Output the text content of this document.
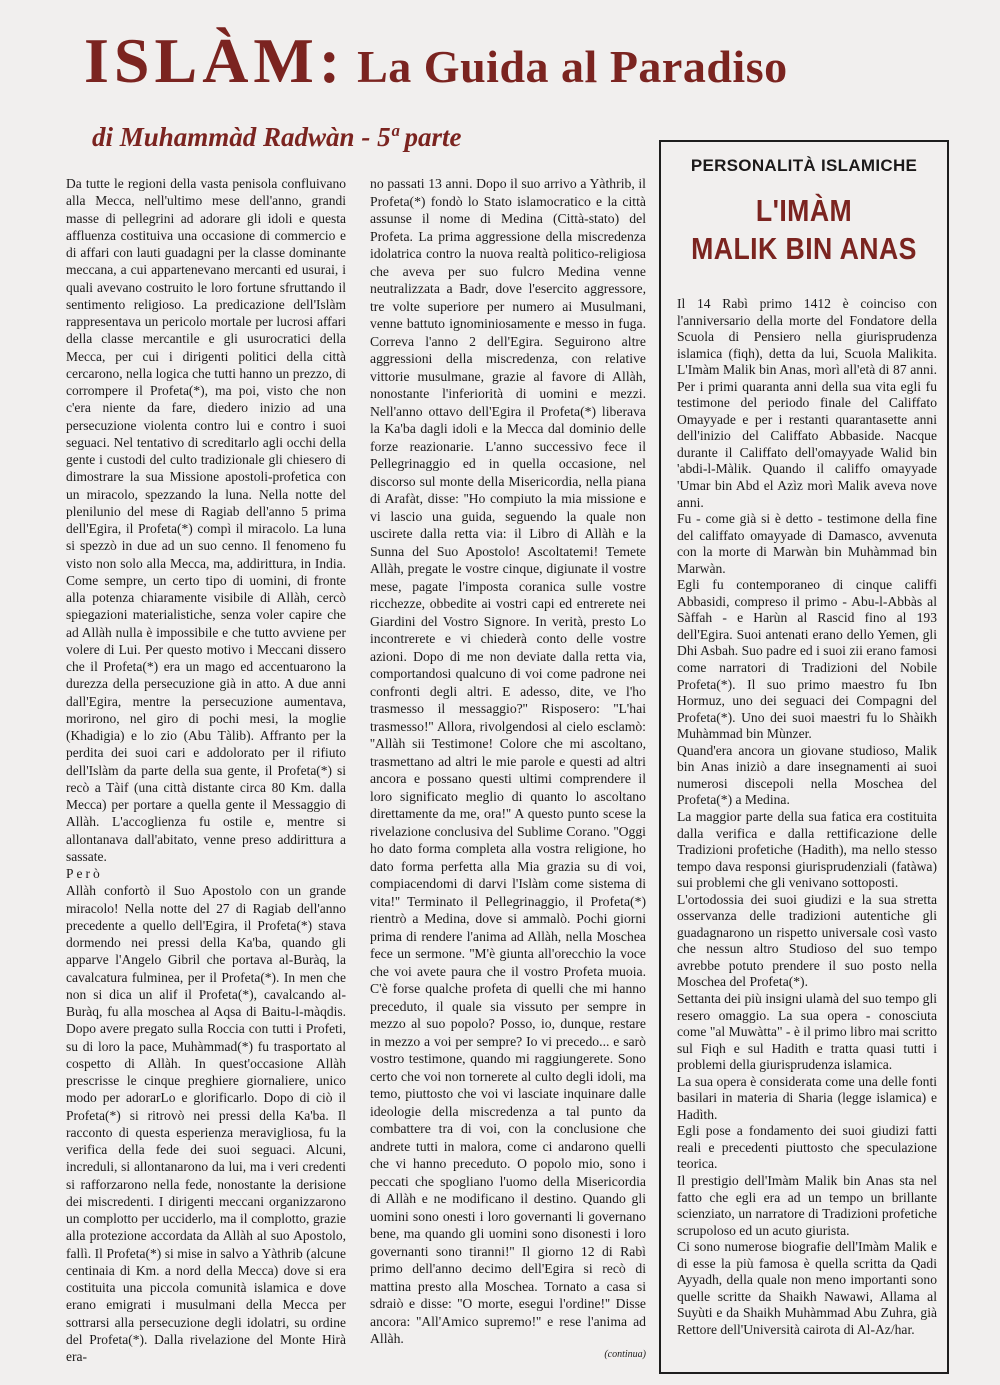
ISLÀM: La Guida al Paradiso
di Muhammàd Radwàn - 5ª parte

Da tutte le regioni della vasta penisola confluivano alla Mecca, nell'ultimo mese dell'anno, grandi masse di pellegrini ad adorare gli idoli e questa affluenza costituiva una occasione di commercio e di affari con lauti guadagni per la classe dominante meccana, a cui appartenevano mercanti ed usurai, i quali avevano costruito le loro fortune sfruttando il sentimento religioso. La predicazione dell'Islàm rappresentava un pericolo mortale per lucrosi affari della classe mercantile e gli usurocratici della Mecca, per cui i dirigenti politici della città cercarono, nella logica che tutti hanno un prezzo, di corrompere il Profeta(*), ma poi, visto che non c'era niente da fare, diedero inizio ad una persecuzione violenta contro lui e contro i suoi seguaci. Nel tentativo di screditarlo agli occhi della gente i custodi del culto tradizionale gli chiesero di dimostrare la sua Missione apostoli-profetica con un miracolo, spezzando la luna. Nella notte del plenilunio del mese di Ragiab dell'anno 5 prima dell'Egira, il Profeta(*) compì il miracolo. La luna si spezzò in due ad un suo cenno. Il fenomeno fu visto non solo alla Mecca, ma, addirittura, in India. Come sempre, un certo tipo di uomini, di fronte alla potenza chiaramente visibile di Allàh, cercò spiegazioni materialistiche, senza voler capire che ad Allàh nulla è impossibile e che tutto avviene per volere di Lui. Per questo motivo i Meccani dissero che il Profeta(*) era un mago ed accentuarono la durezza della persecuzione già in atto. A due anni dall'Egira, mentre la persecuzione aumentava, morirono, nel giro di pochi mesi, la moglie (Khadigia) e lo zio (Abu Tàlib). Affranto per la perdita dei suoi cari e addolorato per il rifiuto dell'Islàm da parte della sua gente, il Profeta(*) si recò a Tàif (una città distante circa 80 Km. dalla Mecca) per portare a quella gente il Messaggio di Allàh. L'accoglienza fu ostile e, mentre si allontanava dall'abitato, venne preso addirittura a sassate.

Però

Allàh confortò il Suo Apostolo con un grande miracolo! Nella notte del 27 di Ragiab dell'anno precedente a quello dell'Egira, il Profeta(*) stava dormendo nei pressi della Ka'ba, quando gli apparve l'Angelo Gibril che portava al-Buràq, la cavalcatura fulminea, per il Profeta(*). In men che non si dica un alif il Profeta(*), cavalcando al-Buràq, fu alla moschea al Aqsa di Baitu-l-màqdis. Dopo avere pregato sulla Roccia con tutti i Profeti, su di loro la pace, Muhàmmad(*) fu trasportato al cospetto di Allàh. In quest'occasione Allàh prescrisse le cinque preghiere giornaliere, unico modo per adorarLo e glorificarlo. Dopo di ciò il Profeta(*) si ritrovò nei pressi della Ka'ba. Il racconto di questa esperienza meravigliosa, fu la verifica della fede dei suoi seguaci. Alcuni, increduli, si allontanarono da lui, ma i veri credenti si rafforzarono nella fede, nonostante la derisione dei miscredenti. I dirigenti meccani organizzarono un complotto per ucciderlo, ma il complotto, grazie alla protezione accordata da Allàh al suo Apostolo, fallì. Il Profeta(*) si mise in salvo a Yàthrib (alcune centinaia di Km. a nord della Mecca) dove si era costituita una piccola comunità islamica e dove erano emigrati i musulmani della Mecca per sottrarsi alla persecuzione degli idolatri, su ordine del Profeta(*). Dalla rivelazione del Monte Hirà era-

no passati 13 anni. Dopo il suo arrivo a Yàthrib, il Profeta(*) fondò lo Stato islamocratico e la città assunse il nome di Medina (Città-stato) del Profeta. La prima aggressione della miscredenza idolatrica contro la nuova realtà politico-religiosa che aveva per suo fulcro Medina venne neutralizzata a Badr, dove l'esercito aggressore, tre volte superiore per numero ai Musulmani, venne battuto ignominiosamente e messo in fuga. Correva l'anno 2 dell'Egira. Seguirono altre aggressioni della miscredenza, con relative vittorie musulmane, grazie al favore di Allàh, nonostante l'inferiorità di uomini e mezzi. Nell'anno ottavo dell'Egira il Profeta(*) liberava la Ka'ba dagli idoli e la Mecca dal dominio delle forze reazionarie. L'anno successivo fece il Pellegrinaggio ed in quella occasione, nel discorso sul monte della Misericordia, nella piana di Arafàt, disse: ''Ho compiuto la mia missione e vi lascio una guida, seguendo la quale non uscirete dalla retta via: il Libro di Allàh e la Sunna del Suo Apostolo! Ascoltatemi! Temete Allàh, pregate le vostre cinque, digiunate il vostre mese, pagate l'imposta coranica sulle vostre ricchezze, obbedite ai vostri capi ed entrerete nei Giardini del Vostro Signore. In verità, presto Lo incontrerete e vi chiederà conto delle vostre azioni. Dopo di me non deviate dalla retta via, comportandosi qualcuno di voi come padrone nei confronti degli altri. E adesso, dite, ve l'ho trasmesso il messaggio?'' Risposero: ''L'hai trasmesso!'' Allora, rivolgendosi al cielo esclamò: ''Allàh sii Testimone! Colore che mi ascoltano, trasmettano ad altri le mie parole e questi ad altri ancora e possano questi ultimi comprendere il loro significato meglio di quanto lo ascoltano direttamente da me, ora!'' A questo punto scese la rivelazione conclusiva del Sublime Corano. ''Oggi ho dato forma completa alla vostra religione, ho dato forma perfetta alla Mia grazia su di voi, compiacendomi di darvi l'Islàm come sistema di vita!'' Terminato il Pellegrinaggio, il Profeta(*) rientrò a Medina, dove si ammalò. Pochi giorni prima di rendere l'anima ad Allàh, nella Moschea fece un sermone. ''M'è giunta all'orecchio la voce che voi avete paura che il vostro Profeta muoia. C'è forse qualche profeta di quelli che mi hanno preceduto, il quale sia vissuto per sempre in mezzo al suo popolo? Posso, io, dunque, restare in mezzo a voi per sempre? Io vi precedo... e sarò vostro testimone, quando mi raggiungerete. Sono certo che voi non tornerete al culto degli idoli, ma temo, piuttosto che voi vi lasciate inquinare dalle ideologie della miscredenza a tal punto da combattere tra di voi, con la conclusione che andrete tutti in malora, come ci andarono quelli che vi hanno preceduto. O popolo mio, sono i peccati che spogliano l'uomo della Misericordia di Allàh e ne modificano il destino. Quando gli uomini sono onesti i loro governanti li governano bene, ma quando gli uomini sono disonesti i loro governanti sono tiranni!'' Il giorno 12 di Rabì primo dell'anno decimo dell'Egira si recò di mattina presto alla Moschea. Tornato a casa si sdraiò e disse: ''O morte, esegui l'ordine!'' Disse ancora: ''All'Amico supremo!'' e rese l'anima ad Allàh.

(continua)
PERSONALITÀ ISLAMICHE
L'IMÀM
MALIK BIN ANAS

Il 14 Rabì primo 1412 è coinciso con l'anniversario della morte del Fondatore della Scuola di Pensiero nella giurisprudenza islamica (fiqh), detta da lui, Scuola Malikita. L'Imàm Malik bin Anas, morì all'età di 87 anni. Per i primi quaranta anni della sua vita egli fu testimone del periodo finale del Califfato Omayyade e per i restanti quarantasette anni dell'inizio del Califfato Abbaside. Nacque durante il Califfato dell'omayyade Walid bin 'abdi-l-Màlik. Quando il califfo omayyade 'Umar bin Abd el Azìz morì Malik aveva nove anni.

Fu - come già si è detto - testimone della fine del califfato omayyade di Damasco, avvenuta con la morte di Marwàn bin Muhàmmad bin Marwàn.

Egli fu contemporaneo di cinque califfi Abbasidi, compreso il primo - Abu-l-Abbàs al Sàffah - e Harùn al Rascid fino al 193 dell'Egira. Suoi antenati erano dello Yemen, gli Dhi Asbah. Suo padre ed i suoi zii erano famosi come narratori di Tradizioni del Nobile Profeta(*). Il suo primo maestro fu Ibn Hormuz, uno dei seguaci dei Compagni del Profeta(*). Uno dei suoi maestri fu lo Shàikh Muhàmmad bin Mùnzer.

Quand'era ancora un giovane studioso, Malik bin Anas iniziò a dare insegnamenti ai suoi numerosi discepoli nella Moschea del Profeta(*) a Medina.

La maggior parte della sua fatica era costituita dalla verifica e dalla rettificazione delle Tradizioni profetiche (Hadith), ma nello stesso tempo dava responsi giurisprudenziali (fatàwa) sui problemi che gli venivano sottoposti.

L'ortodossia dei suoi giudizi e la sua stretta osservanza delle tradizioni autentiche gli guadagnarono un rispetto universale così vasto che nessun altro Studioso del suo tempo avrebbe potuto prendere il suo posto nella Moschea del Profeta(*).

Settanta dei più insigni ulamà del suo tempo gli resero omaggio. La sua opera - conosciuta come "al Muwàtta" - è il primo libro mai scritto sul Fiqh e sul Hadith e tratta quasi tutti i problemi della giurisprudenza islamica.

La sua opera è considerata come una delle fonti basilari in materia di Sharia (legge islamica) e Hadìth.

Egli pose a fondamento dei suoi giudizi fatti reali e precedenti piuttosto che speculazione teorica.

Il prestigio dell'Imàm Malik bin Anas sta nel fatto che egli era ad un tempo un brillante scienziato, un narratore di Tradizioni profetiche scrupoloso ed un acuto giurista.

Ci sono numerose biografie dell'Imàm Malik e di esse la più famosa è quella scritta da Qadi Ayyadh, della quale non meno importanti sono quelle scritte da Shaikh Nawawi, Allama al Suyùti e da Shaikh Muhàmmad Abu Zuhra, già Rettore dell'Università cairota di Al-Az/har.
